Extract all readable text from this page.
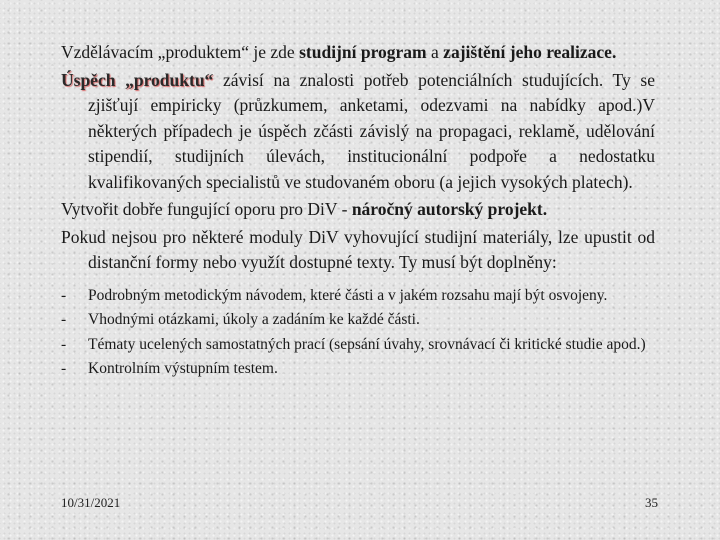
Vzdělávacím „produktem“ je zde studijní program a zajištění jeho realizace.

Úspěch „produktu“ závisí na znalosti potřeb potenciálních studujících. Ty se zjišťují empiricky (průzkumem, anketami, odezvami na nabídky apod.)V některých případech je úspěch zčásti závislý na propagaci, reklamě, udělování stipendií, studijních úlevách, institucionální podpoře a nedostatku kvalifikovaných specialistů ve studovaném oboru (a jejich vysokých platech).

Vytvořit dobře fungující oporu pro DiV - náročný autorský projekt.

Pokud nejsou pro některé moduly DiV vyhovující studijní materiály, lze upustit od distanční formy nebo využít dostupné texty. Ty musí být doplněny:

- Podrobným metodickým návodem, které části a v jakém rozsahu mají být osvojeny.
- Vhodnými otázkami, úkoly a zadáním ke každé části.
- Tématy ucelených samostatných prací (sepsání úvahy, srovnávací či kritické studie apod.)
- Kontrolním výstupním testem.
10/31/2021	35
